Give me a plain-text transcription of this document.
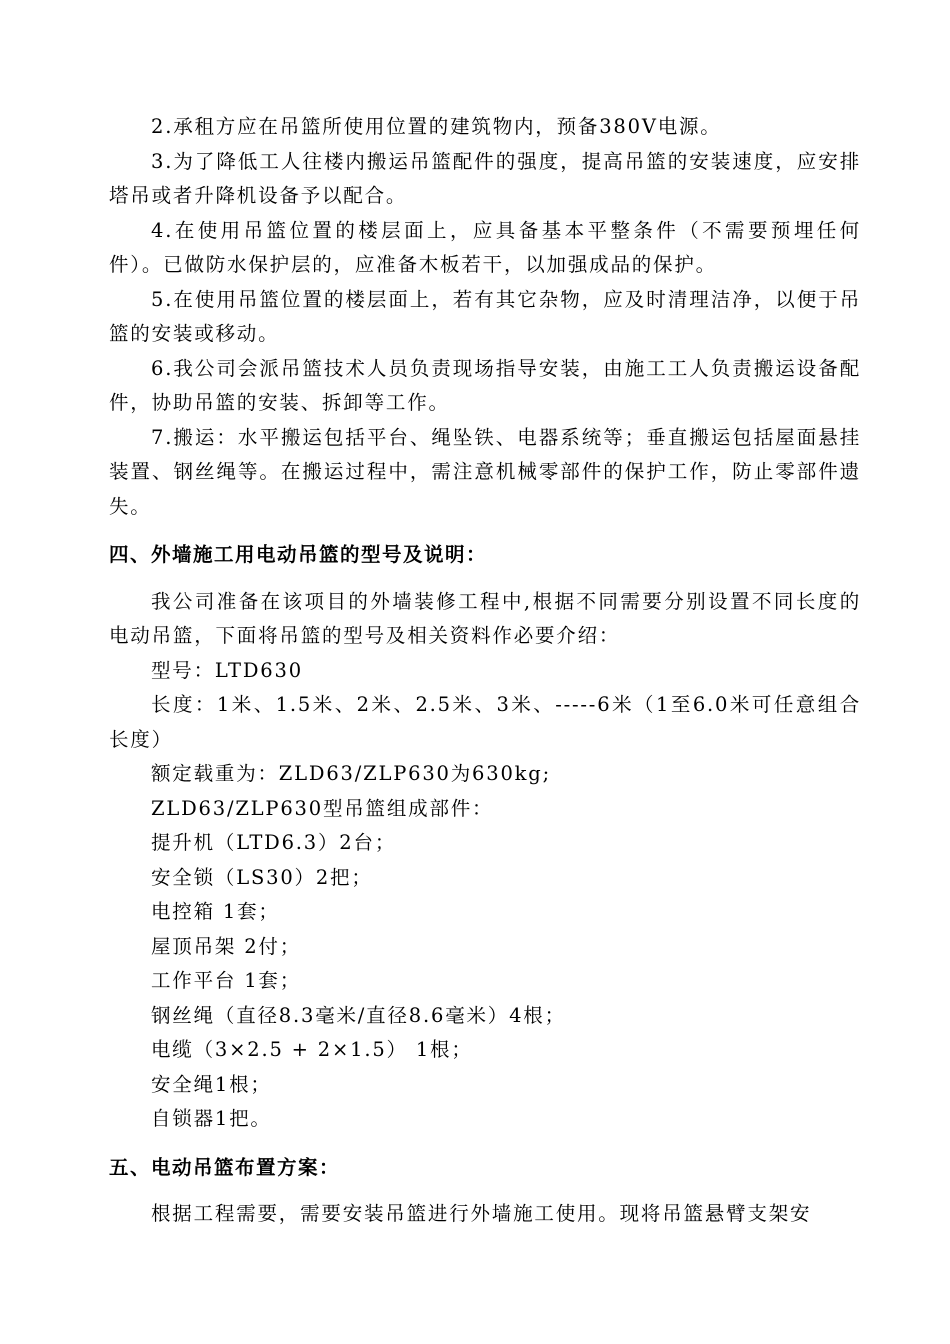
2.承租方应在吊篮所使用位置的建筑物内，预备380V电源。

3.为了降低工人往楼内搬运吊篮配件的强度，提高吊篮的安装速度，应安排塔吊或者升降机设备予以配合。

4.在使用吊篮位置的楼层面上，应具备基本平整条件（不需要预埋任何件）。已做防水保护层的，应准备木板若干，以加强成品的保护。

5.在使用吊篮位置的楼层面上，若有其它杂物，应及时清理洁净，以便于吊篮的安装或移动。

6.我公司会派吊篮技术人员负责现场指导安装，由施工工人负责搬运设备配件，协助吊篮的安装、拆卸等工作。

7.搬运：水平搬运包括平台、绳坠铁、电器系统等；垂直搬运包括屋面悬挂装置、钢丝绳等。在搬运过程中，需注意机械零部件的保护工作，防止零部件遗失。

四、外墙施工用电动吊篮的型号及说明：

我公司准备在该项目的外墙装修工程中,根据不同需要分别设置不同长度的电动吊篮，下面将吊篮的型号及相关资料作必要介绍：

型号：LTD630

长度：1米、1.5米、2米、2.5米、3米、-----6米（1至6.0米可任意组合长度）

额定载重为：ZLD63/ZLP630为630kg;

ZLD63/ZLP630型吊篮组成部件：

提升机（LTD6.3）2台；

安全锁（LS30）2把；

电控箱 1套；

屋顶吊架 2付；

工作平台 1套；

钢丝绳（直径8.3毫米/直径8.6毫米）4根；

电缆（3×2.5 + 2×1.5） 1根；

安全绳1根；

自锁器1把。

五、电动吊篮布置方案：

根据工程需要，需要安装吊篮进行外墙施工使用。现将吊篮悬臂支架安
